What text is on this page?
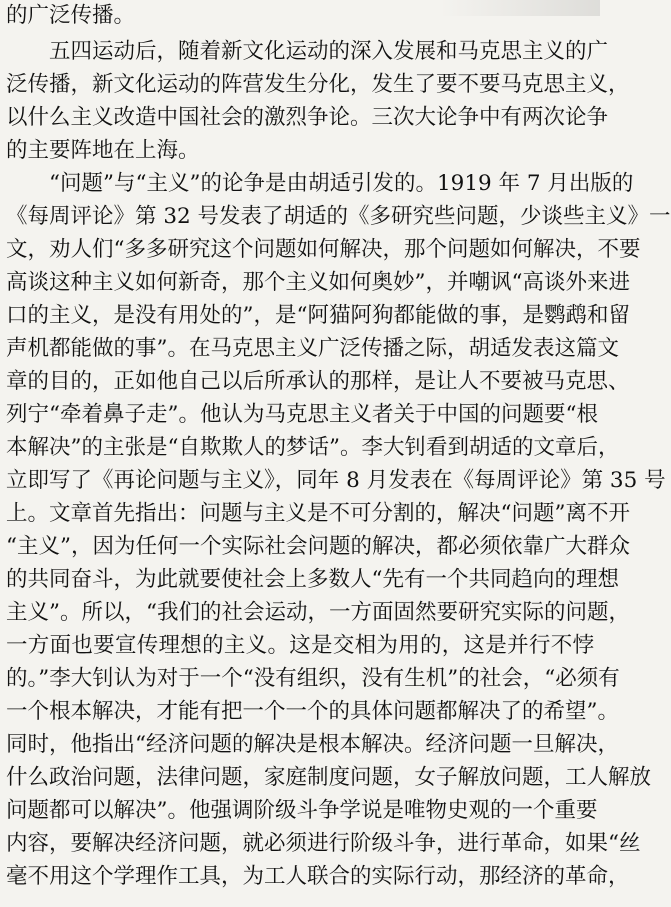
的广泛传播。
　　五四运动后，随着新文化运动的深入发展和马克思主义的广
泛传播，新文化运动的阵营发生分化，发生了要不要马克思主义，
以什么主义改造中国社会的激烈争论。三次大论争中有两次论争
的主要阵地在上海。
　　“问题”与“主义”的论争是由胡适引发的。1919 年 7 月出版的
《每周评论》第 32 号发表了胡适的《多研究些问题，少谈些主义》一
文，劝人们“多多研究这个问题如何解决，那个问题如何解决，不要
高谈这种主义如何新奇，那个主义如何奥妙”，并嘲讽“高谈外来进
口的主义，是没有用处的”，是“阿猫阿狗都能做的事，是鹦鹉和留
声机都能做的事”。在马克思主义广泛传播之际，胡适发表这篇文
章的目的，正如他自己以后所承认的那样，是让人不要被马克思、
列宁“牵着鼻子走”。他认为马克思主义者关于中国的问题要“根
本解决”的主张是“自欺欺人的梦话”。李大钊看到胡适的文章后，
立即写了《再论问题与主义》，同年 8 月发表在《每周评论》第 35 号
上。文章首先指出：问题与主义是不可分割的，解决“问题”离不开
“主义”，因为任何一个实际社会问题的解决，都必须依靠广大群众
的共同奋斗，为此就要使社会上多数人“先有一个共同趋向的理想
主义”。所以，“我们的社会运动，一方面固然要研究实际的问题，
一方面也要宣传理想的主义。这是交相为用的，这是并行不悖
的。”李大钊认为对于一个“没有组织，没有生机”的社会，“必须有
一个根本解决，才能有把一个一个的具体问题都解决了的希望”。
同时，他指出“经济问题的解决是根本解决。经济问题一旦解决，
什么政治问题，法律问题，家庭制度问题，女子解放问题，工人解放
问题都可以解决”。他强调阶级斗争学说是唯物史观的一个重要
内容，要解决经济问题，就必须进行阶级斗争，进行革命，如果“丝
毫不用这个学理作工具，为工人联合的实际行动，那经济的革命，
